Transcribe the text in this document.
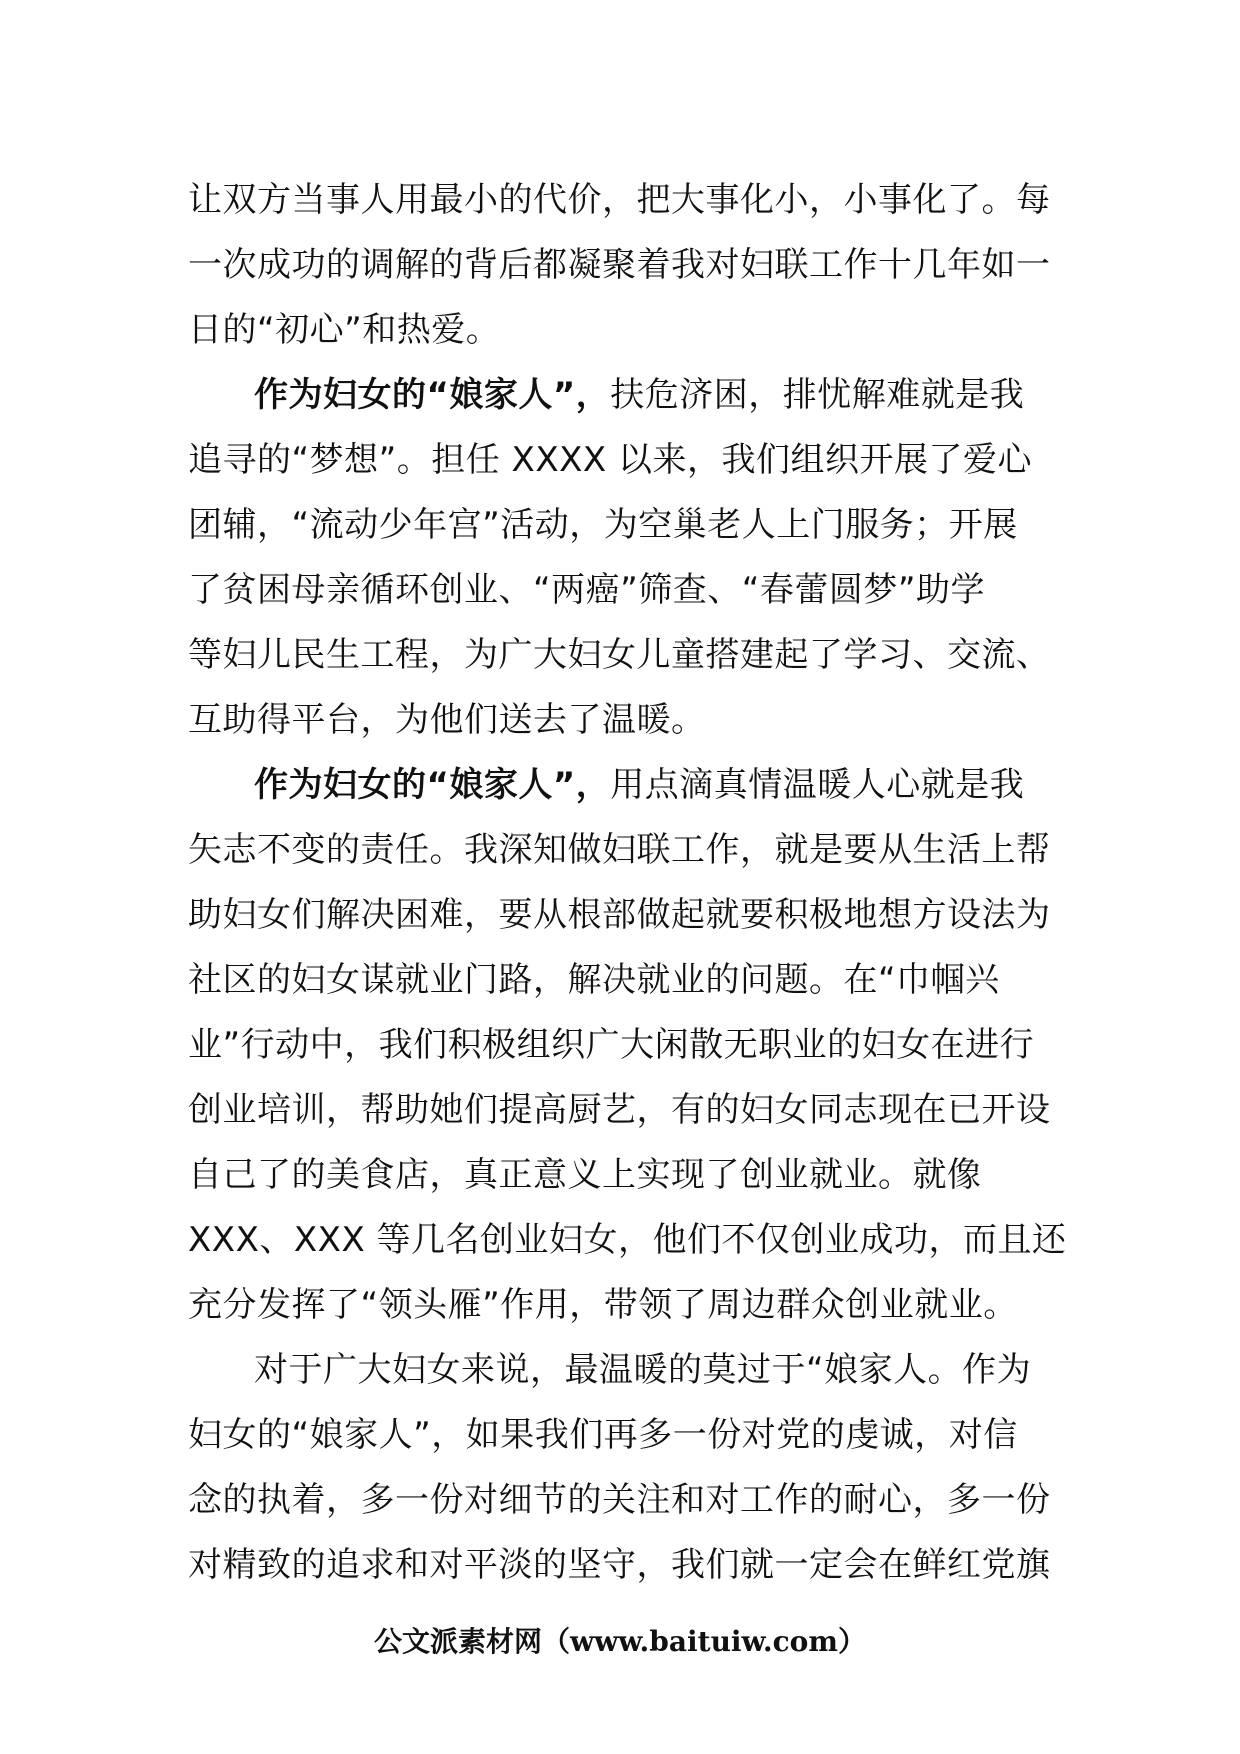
让双方当事人用最小的代价，把大事化小，小事化了。每
一次成功的调解的背后都凝聚着我对妇联工作十几年如一
日的“初心”和热爱。
作为妇女的“娘家人”，扶危济困，排忧解难就是我
追寻的“梦想”。担任 XXXX 以来，我们组织开展了爱心
团辅，“流动少年宫”活动，为空巢老人上门服务；开展
了贫困母亲循环创业、“两癌”筛查、“春蕾圆梦”助学
等妇儿民生工程，为广大妇女儿童搭建起了学习、交流、
互助得平台，为他们送去了温暖。
作为妇女的“娘家人”，用点滴真情温暖人心就是我
矢志不变的责任。我深知做妇联工作，就是要从生活上帮
助妇女们解决困难，要从根部做起就要积极地想方设法为
社区的妇女谋就业门路，解决就业的问题。在“巾帼兴
业”行动中，我们积极组织广大闲散无职业的妇女在进行
创业培训，帮助她们提高厨艺，有的妇女同志现在已开设
自己了的美食店，真正意义上实现了创业就业。就像
XXX、XXX 等几名创业妇女，他们不仅创业成功，而且还
充分发挥了“领头雁”作用，带领了周边群众创业就业。
对于广大妇女来说，最温暖的莫过于“娘家人。作为
妇女的“娘家人”，如果我们再多一份对党的虔诚，对信
念的执着，多一份对细节的关注和对工作的耐心，多一份
对精致的追求和对平淡的坚守，我们就一定会在鲜红党旗
公文派素材网（www.baituiw.com）
